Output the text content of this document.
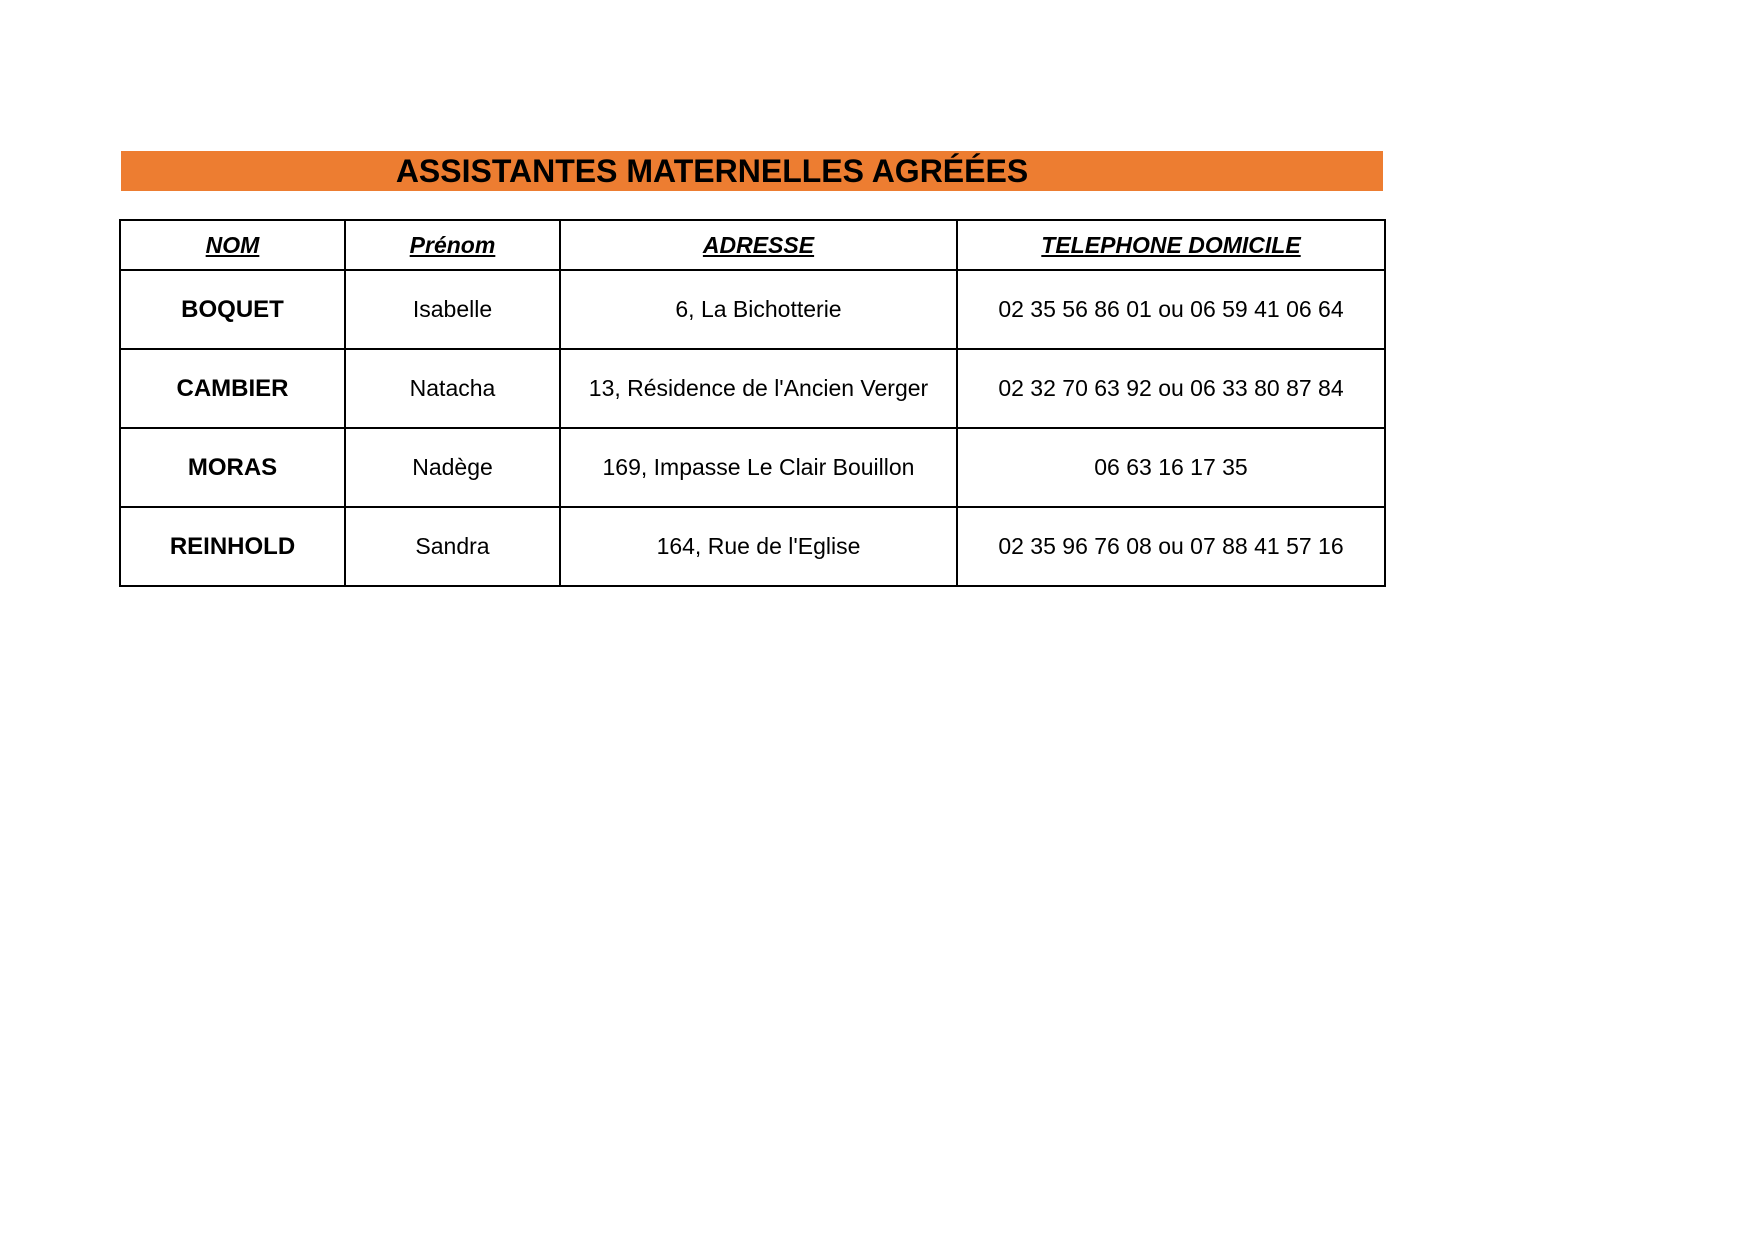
ASSISTANTES MATERNELLES AGRÉÉES
NOM	Prénom	ADRESSE	TELEPHONE DOMICILE
BOQUET	Isabelle	6, La Bichotterie	02 35 56 86 01 ou 06 59 41 06 64
CAMBIER	Natacha	13, Résidence de l'Ancien Verger	02 32 70 63 92 ou 06 33 80 87 84
MORAS	Nadège	169, Impasse Le Clair Bouillon	06 63 16 17 35
REINHOLD	Sandra	164, Rue de l'Eglise	02 35 96 76 08 ou 07 88 41 57 16
